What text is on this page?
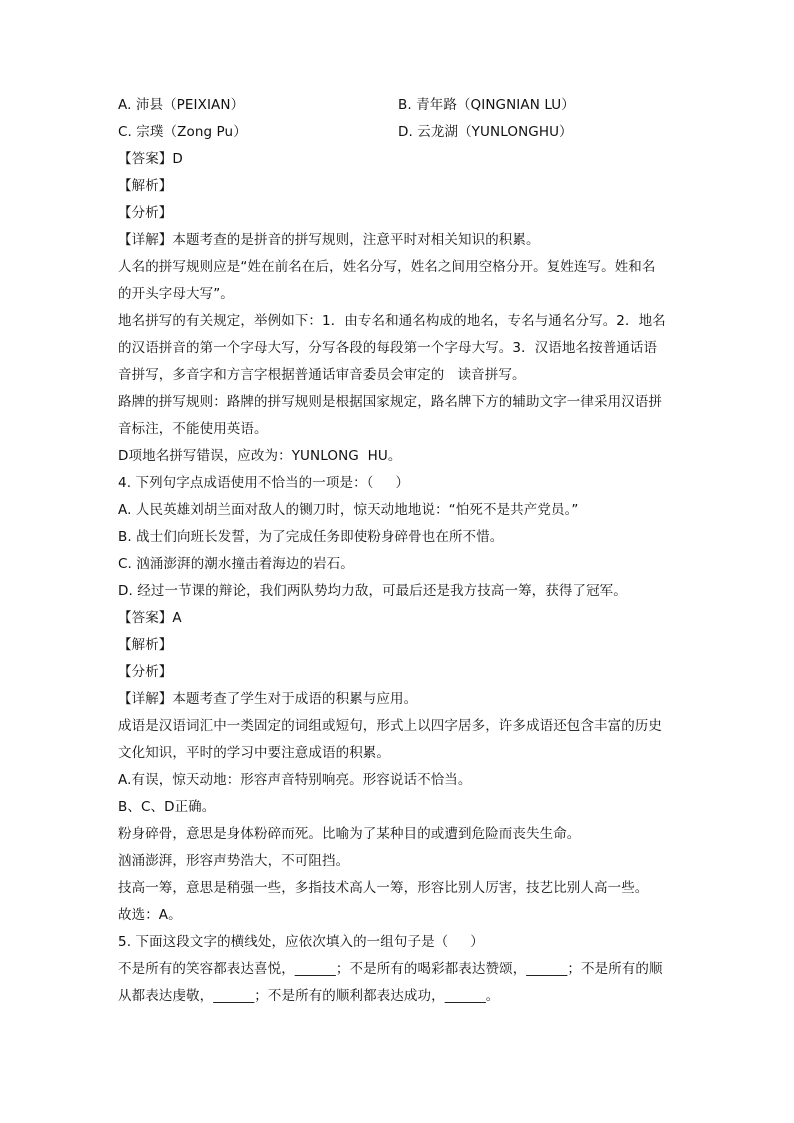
A. 沛县（PEIXIAN）	B. 青年路（QINGNIAN LU）
C. 宗璞（Zong Pu）	D. 云龙湖（YUNLONGHU）
【答案】D
【解析】
【分析】
【详解】本题考查的是拼音的拼写规则，注意平时对相关知识的积累。
人名的拼写规则应是“姓在前名在后，姓名分写，姓名之间用空格分开。复姓连写。姓和名
的开头字母大写”。
地名拼写的有关规定，举例如下：1．由专名和通名构成的地名，专名与通名分写。2．地名
的汉语拼音的第一个字母大写，分写各段的每段第一个字母大写。3．汉语地名按普通话语
音拼写，多音字和方言字根据普通话审音委员会审定的   读音拼写。
路牌的拼写规则：路牌的拼写规则是根据国家规定，路名牌下方的辅助文字一律采用汉语拼
音标注，不能使用英语。
D项地名拼写错误，应改为：YUNLONG  HU。
4. 下列句字点成语使用不恰当的一项是：（     ）
A. 人民英雄刘胡兰面对敌人的铡刀时，惊天动地地说：“怕死不是共产党员。”
B. 战士们向班长发誓，为了完成任务即使粉身碎骨也在所不惜。
C. 汹涌澎湃的潮水撞击着海边的岩石。
D. 经过一节课的辩论，我们两队势均力敌，可最后还是我方技高一筹，获得了冠军。
【答案】A
【解析】
【分析】
【详解】本题考查了学生对于成语的积累与应用。
成语是汉语词汇中一类固定的词组或短句，形式上以四字居多，许多成语还包含丰富的历史
文化知识，平时的学习中要注意成语的积累。
A.有误，惊天动地：形容声音特别响亮。形容说话不恰当。
B、C、D正确。
粉身碎骨，意思是身体粉碎而死。比喻为了某种目的或遭到危险而丧失生命。
汹涌澎湃，形容声势浩大，不可阻挡。
技高一筹，意思是稍强一些，多指技术高人一筹，形容比别人厉害，技艺比别人高一些。
故选：A。
5. 下面这段文字的横线处，应依次填入的一组句子是（     ）
不是所有的笑容都表达喜悦，______；不是所有的喝彩都表达赞颂，______；不是所有的顺
从都表达虔敬，______；不是所有的顺利都表达成功，______。
